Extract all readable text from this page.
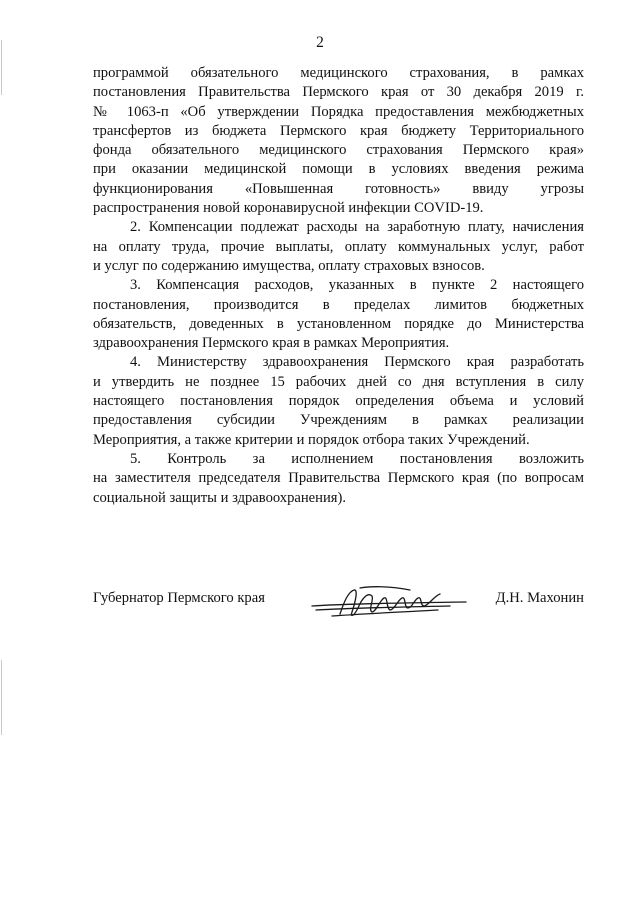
2
программой обязательного медицинского страхования, в рамках
постановления Правительства Пермского края от 30 декабря 2019 г.
№ 1063-п «Об утверждении Порядка предоставления межбюджетных
трансфертов из бюджета Пермского края бюджету Территориального
фонда обязательного медицинского страхования Пермского края»
при оказании медицинской помощи в условиях введения режима
функционирования «Повышенная готовность» ввиду угрозы
распространения новой коронавирусной инфекции COVID-19.
2. Компенсации подлежат расходы на заработную плату, начисления
на оплату труда, прочие выплаты, оплату коммунальных услуг, работ
и услуг по содержанию имущества, оплату страховых взносов.
3. Компенсация расходов, указанных в пункте 2 настоящего
постановления, производится в пределах лимитов бюджетных
обязательств, доведенных в установленном порядке до Министерства
здравоохранения Пермского края в рамках Мероприятия.
4. Министерству здравоохранения Пермского края разработать
и утвердить не позднее 15 рабочих дней со дня вступления в силу
настоящего постановления порядок определения объема и условий
предоставления субсидии Учреждениям в рамках реализации
Мероприятия, а также критерии и порядок отбора таких Учреждений.
5. Контроль за исполнением постановления возложить
на заместителя председателя Правительства Пермского края (по вопросам
социальной защиты и здравоохранения).
Губернатор Пермского края	Д.Н. Махонин
